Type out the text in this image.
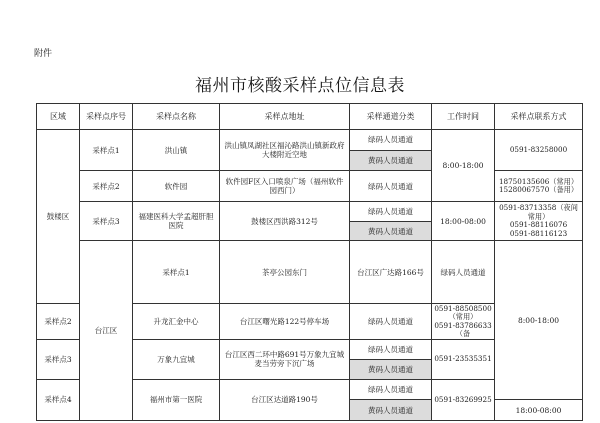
附件
福州市核酸采样点位信息表
区域	采样点序号	采样点名称	采样点地址	采样通道分类	工作时间	采样点联系方式	
鼓楼区	采样点1	洪山镇	洪山镇凤湖社区福沁路洪山镇新政府大楼附近空地	绿码人员通道	8:00-18:00	0591-83258000	

				黄码人员通道			
	采样点2	软件园	软件园F区入口喷泉广场（福州软件园西门）	绿码人员通道		18750135606（常用）
15280067570（备用）	

	采样点3	福建医科大学孟超肝胆医院	鼓楼区西洪路312号	绿码人员通道	18:00-08:00	0591-83713358（夜间常用）
0591-88116076
0591-88116123	

				黄码人员通道			
	台江区	采样点1	茶亭公园东门	台江区广达路166号	绿码人员通道	8:00-18:00	

采样点2		升龙汇金中心	台江区曙光路122号停车场	绿码人员通道	0591-88508500（常用）
0591-83786633（备		

采样点3		万象九宜城	台江区西二环中路691号万象九宜城麦当劳旁下沉广场	绿码人员通道	0591-23535351		

				黄码人员通道			
采样点4		福州市第一医院	台江区达道路190号	绿码人员通道	0591-83269925		

				黄码人员通道		18:00-08:00	
